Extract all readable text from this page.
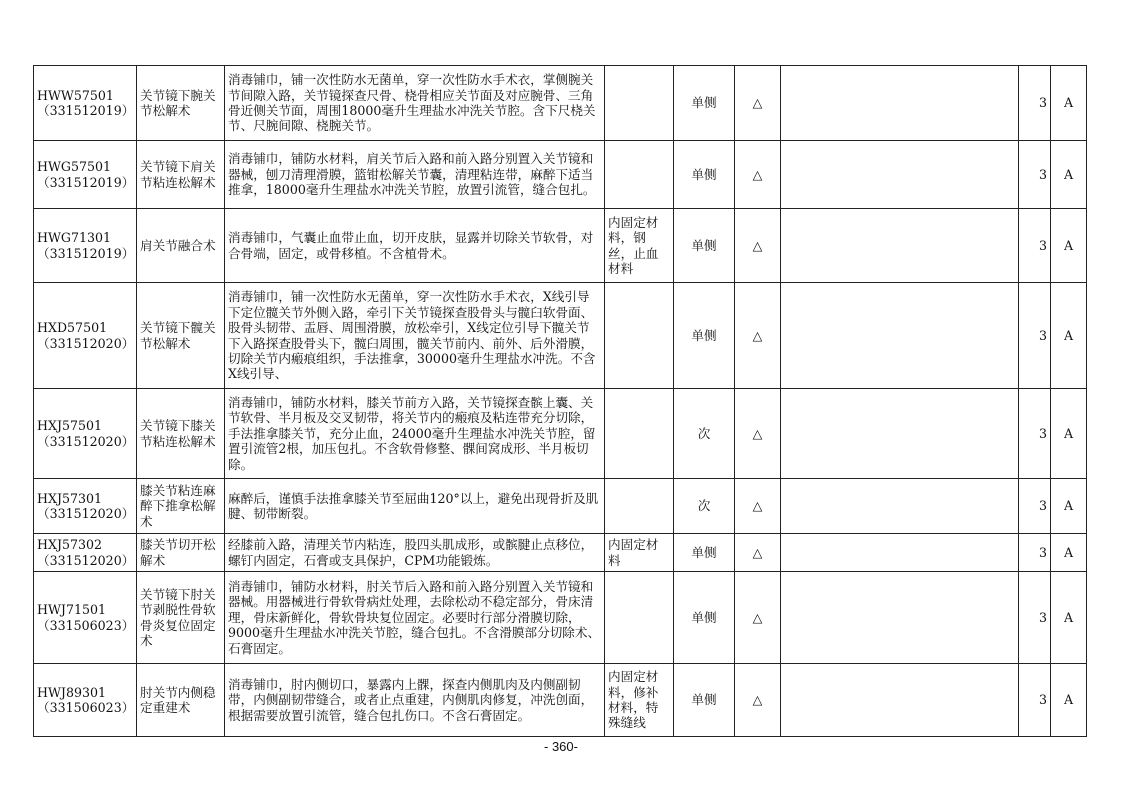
HWW57501
（331512019）	关节镜下腕关节松解术	消毒铺巾，铺一次性防水无菌单，穿一次性防水手术衣，掌侧腕关节间隙入路，关节镜探查尺骨、桡骨相应关节面及对应腕骨、三角骨近侧关节面，周围18000毫升生理盐水冲洗关节腔。含下尺桡关节、尺腕间隙、桡腕关节。		单侧	△		3	A

HWG57501
（331512019）	关节镜下肩关节粘连松解术	消毒铺巾，铺防水材料，肩关节后入路和前入路分别置入关节镜和器械，刨刀清理滑膜，篮钳松解关节囊，清理粘连带，麻醉下适当推拿，18000毫升生理盐水冲洗关节腔，放置引流管，缝合包扎。		单侧	△		3	A

HWG71301
（331512019）	肩关节融合术	消毒铺巾，气囊止血带止血，切开皮肤，显露并切除关节软骨，对合骨端，固定，或骨移植。不含植骨术。	内固定材料，钢丝，止血材料	单侧	△		3	A

HXD57501
（331512020）	关节镜下髋关节松解术	消毒铺巾，铺一次性防水无菌单，穿一次性防水手术衣，X线引导下定位髋关节外侧入路，牵引下关节镜探查股骨头与髋臼软骨面、股骨头韧带、盂唇、周围滑膜，放松牵引，X线定位引导下髋关节下入路探查股骨头下，髋臼周围，髋关节前内、前外、后外滑膜，切除关节内瘢痕组织，手法推拿，30000毫升生理盐水冲洗。不含X线引导、		单侧	△		3	A

HXJ57501
（331512020）	关节镜下膝关节粘连松解术	消毒铺巾，铺防水材料，膝关节前方入路，关节镜探查髌上囊、关节软骨、半月板及交叉韧带，将关节内的瘢痕及粘连带充分切除，手法推拿膝关节，充分止血，24000毫升生理盐水冲洗关节腔，留置引流管2根，加压包扎。不含软骨修整、髁间窝成形、半月板切除。		次	△		3	A

HXJ57301
（331512020）	膝关节粘连麻醉下推拿松解术	麻醉后，谨慎手法推拿膝关节至屈曲120°以上，避免出现骨折及肌腱、韧带断裂。		次	△		3	A

HXJ57302
（331512020）	膝关节切开松解术	经膝前入路，清理关节内粘连，股四头肌成形，或髌腱止点移位，螺钉内固定，石膏或支具保护，CPM功能锻炼。	内固定材料	单侧	△		3	A

HWJ71501
（331506023）	关节镜下肘关节剥脱性骨软骨炎复位固定术	消毒铺巾，铺防水材料，肘关节后入路和前入路分别置入关节镜和器械。用器械进行骨软骨病灶处理，去除松动不稳定部分，骨床清理，骨床新鲜化，骨软骨块复位固定。必要时行部分滑膜切除，9000毫升生理盐水冲洗关节腔，缝合包扎。不含滑膜部分切除术、石膏固定。		单侧	△		3	A

HWJ89301
（331506023）	肘关节内侧稳定重建术	消毒铺巾，肘内侧切口，暴露内上髁，探查内侧肌肉及内侧副韧带，内侧副韧带缝合，或者止点重建，内侧肌肉修复，冲洗创面，根据需要放置引流管，缝合包扎伤口。不含石膏固定。	内固定材料，修补材料，特殊缝线	单侧	△		3	A
- 360-
